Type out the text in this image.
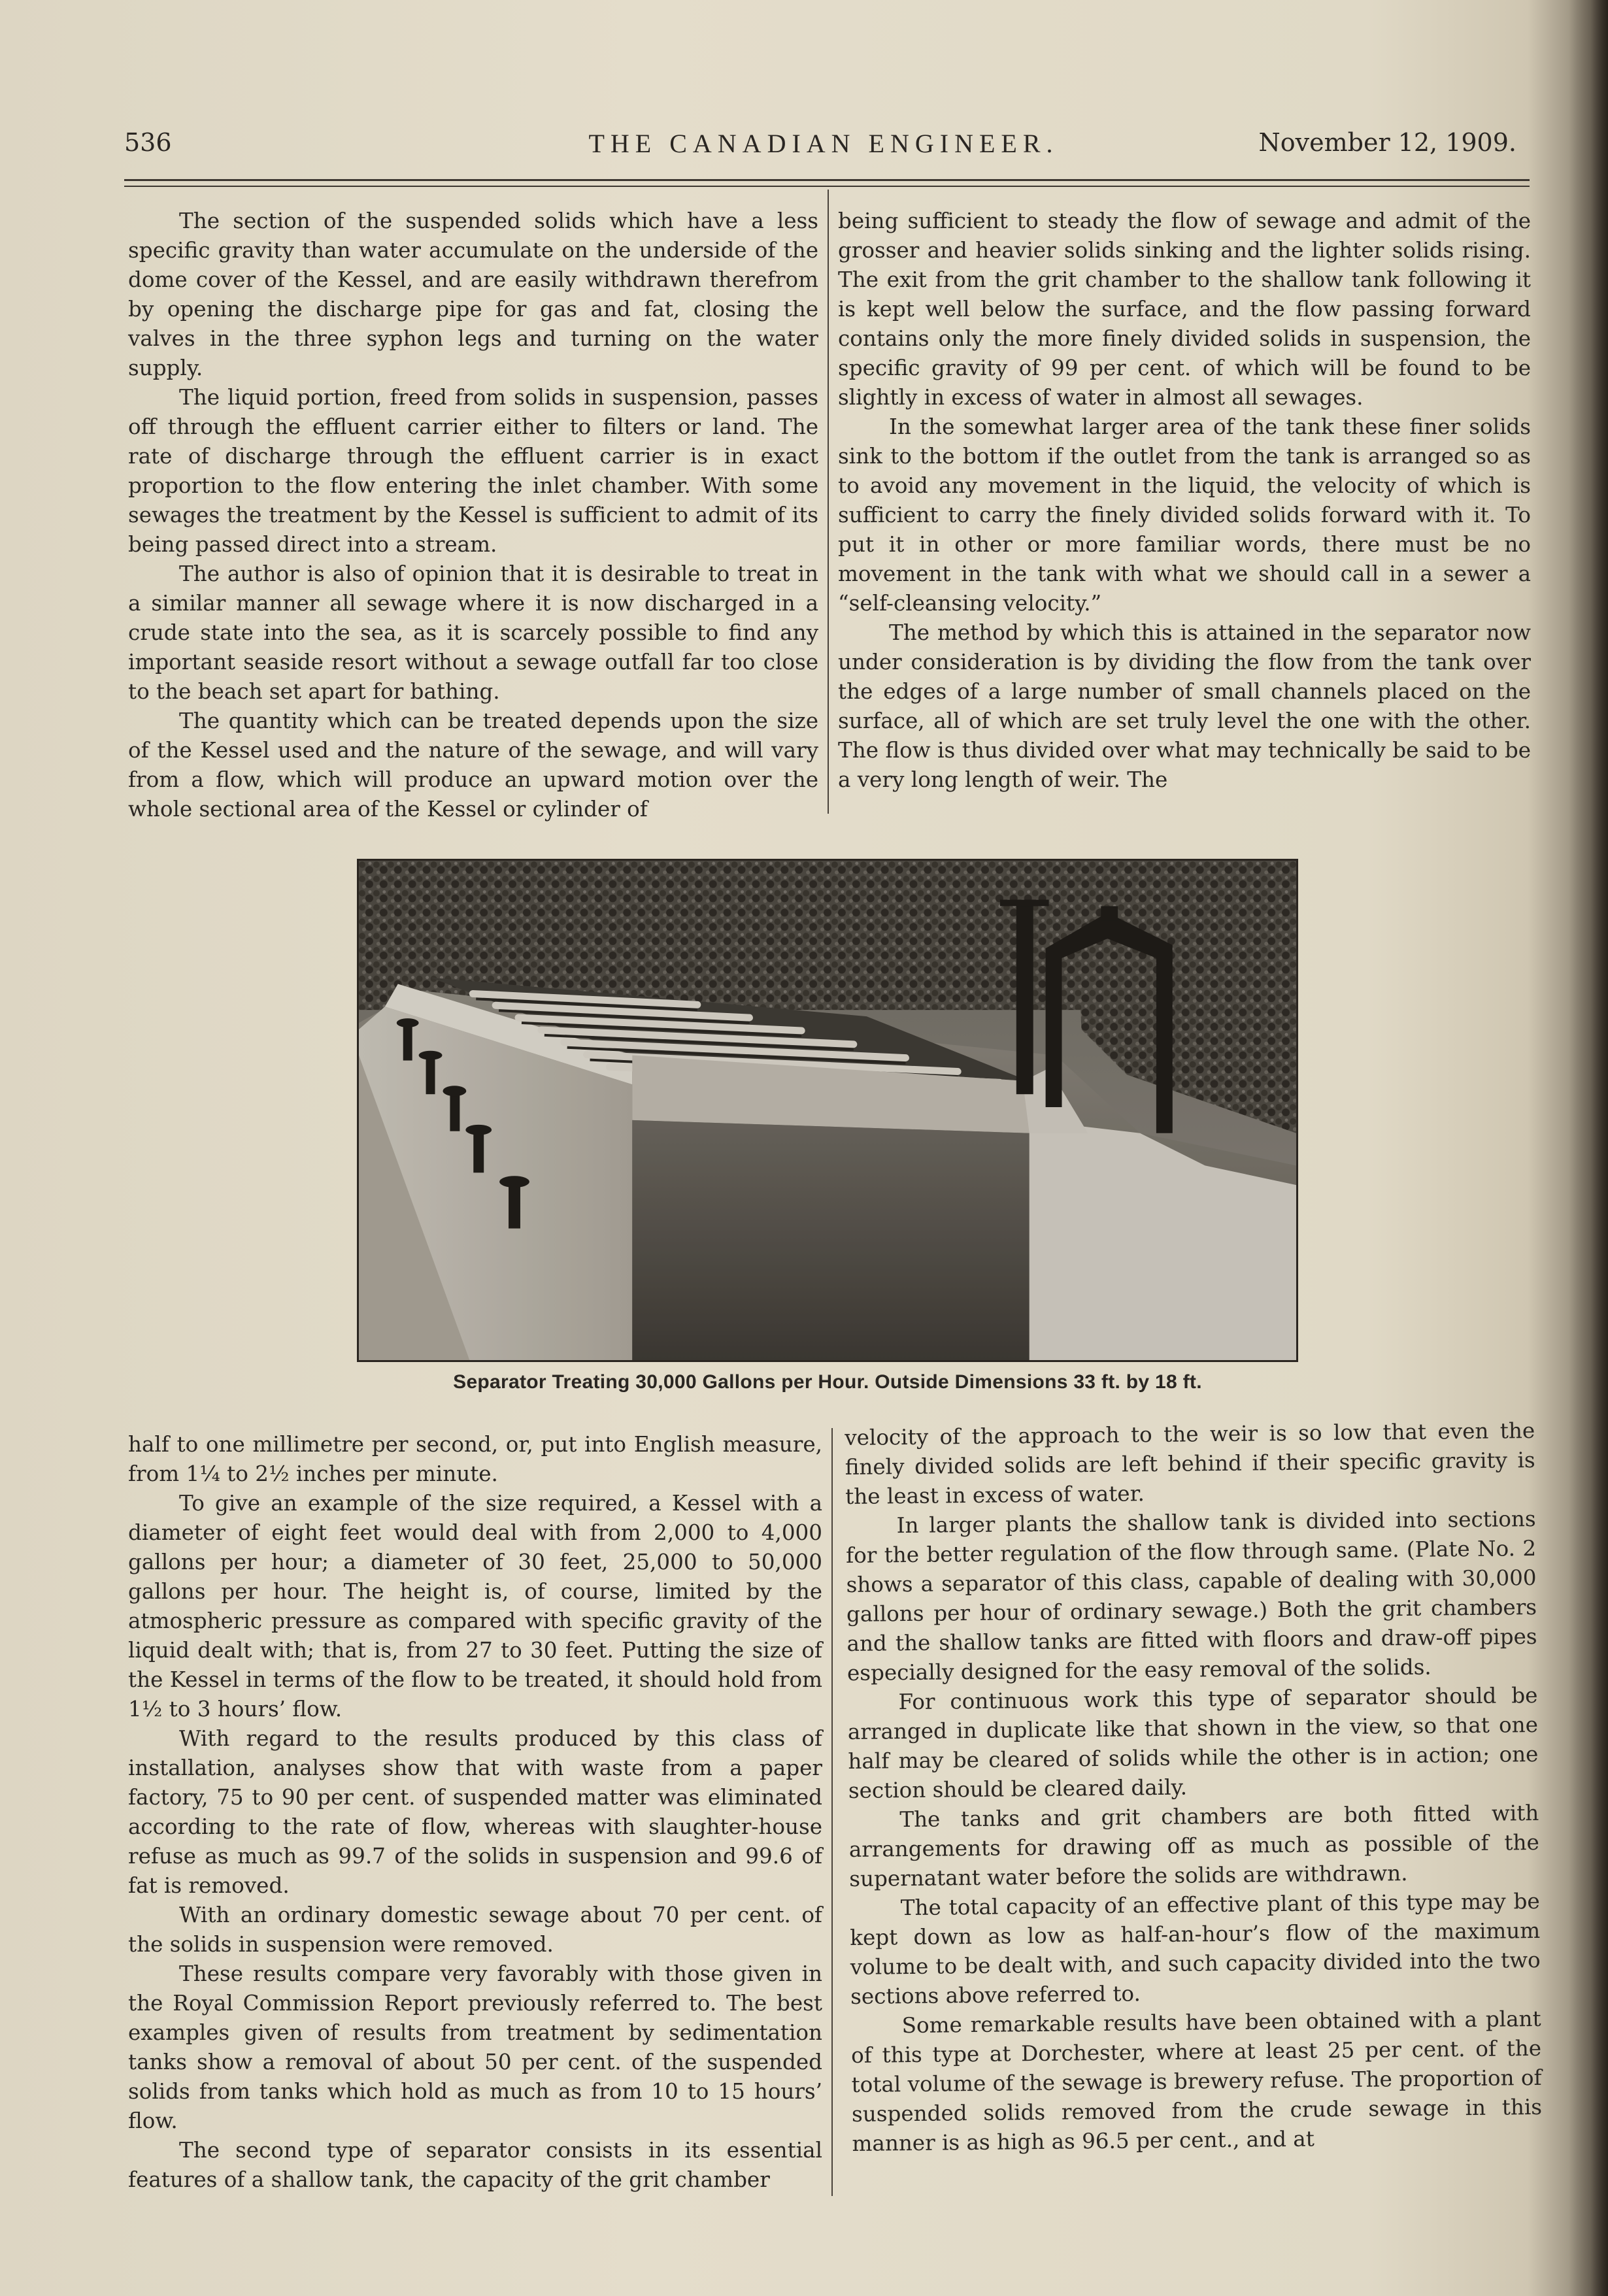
536	THE CANADIAN ENGINEER.	November 12, 1909.

The section of the suspended solids which have a less specific gravity than water accumulate on the underside of the dome cover of the Kessel, and are easily withdrawn therefrom by opening the discharge pipe for gas and fat, closing the valves in the three syphon legs and turning on the water supply.

The liquid portion, freed from solids in suspension, passes off through the effluent carrier either to filters or land. The rate of discharge through the effluent carrier is in exact proportion to the flow entering the inlet chamber. With some sewages the treatment by the Kessel is sufficient to admit of its being passed direct into a stream.

The author is also of opinion that it is desirable to treat in a similar manner all sewage where it is now discharged in a crude state into the sea, as it is scarcely possible to find any important seaside resort without a sewage outfall far too close to the beach set apart for bathing.

The quantity which can be treated depends upon the size of the Kessel used and the nature of the sewage, and will vary from a flow, which will produce an upward motion over the whole sectional area of the Kessel or cylinder of

being sufficient to steady the flow of sewage and admit of the grosser and heavier solids sinking and the lighter solids rising. The exit from the grit chamber to the shallow tank following it is kept well below the surface, and the flow passing forward contains only the more finely divided solids in suspension, the specific gravity of 99 per cent. of which will be found to be slightly in excess of water in almost all sewages.

In the somewhat larger area of the tank these finer solids sink to the bottom if the outlet from the tank is arranged so as to avoid any movement in the liquid, the velocity of which is sufficient to carry the finely divided solids forward with it. To put it in other or more familiar words, there must be no movement in the tank with what we should call in a sewer a “self-cleansing velocity.”

The method by which this is attained in the separator now under consideration is by dividing the flow from the tank over the edges of a large number of small channels placed on the surface, all of which are set truly level the one with the other. The flow is thus divided over what may technically be said to be a very long length of weir. The

Separator Treating 30,000 Gallons per Hour. Outside Dimensions 33 ft. by 18 ft.

half to one millimetre per second, or, put into English measure, from 1¼ to 2½ inches per minute.

To give an example of the size required, a Kessel with a diameter of eight feet would deal with from 2,000 to 4,000 gallons per hour; a diameter of 30 feet, 25,000 to 50,000 gallons per hour. The height is, of course, limited by the atmospheric pressure as compared with specific gravity of the liquid dealt with; that is, from 27 to 30 feet. Putting the size of the Kessel in terms of the flow to be treated, it should hold from 1½ to 3 hours’ flow.

With regard to the results produced by this class of installation, analyses show that with waste from a paper factory, 75 to 90 per cent. of suspended matter was eliminated according to the rate of flow, whereas with slaughter-house refuse as much as 99.7 of the solids in suspension and 99.6 of fat is removed.

With an ordinary domestic sewage about 70 per cent. of the solids in suspension were removed.

These results compare very favorably with those given in the Royal Commission Report previously referred to. The best examples given of results from treatment by sedimentation tanks show a removal of about 50 per cent. of the suspended solids from tanks which hold as much as from 10 to 15 hours’ flow.

The second type of separator consists in its essential features of a shallow tank, the capacity of the grit chamber

velocity of the approach to the weir is so low that even the finely divided solids are left behind if their specific gravity is the least in excess of water.

In larger plants the shallow tank is divided into sections for the better regulation of the flow through same. (Plate No. 2 shows a separator of this class, capable of dealing with 30,000 gallons per hour of ordinary sewage.) Both the grit chambers and the shallow tanks are fitted with floors and draw-off pipes especially designed for the easy removal of the solids.

For continuous work this type of separator should be arranged in duplicate like that shown in the view, so that one half may be cleared of solids while the other is in action; one section should be cleared daily.

The tanks and grit chambers are both fitted with arrangements for drawing off as much as possible of the supernatant water before the solids are withdrawn.

The total capacity of an effective plant of this type may be kept down as low as half-an-hour’s flow of the maximum volume to be dealt with, and such capacity divided into the two sections above referred to.

Some remarkable results have been obtained with a plant of this type at Dorchester, where at least 25 per cent. of the total volume of the sewage is brewery refuse. The proportion of suspended solids removed from the crude sewage in this manner is as high as 96.5 per cent., and at
